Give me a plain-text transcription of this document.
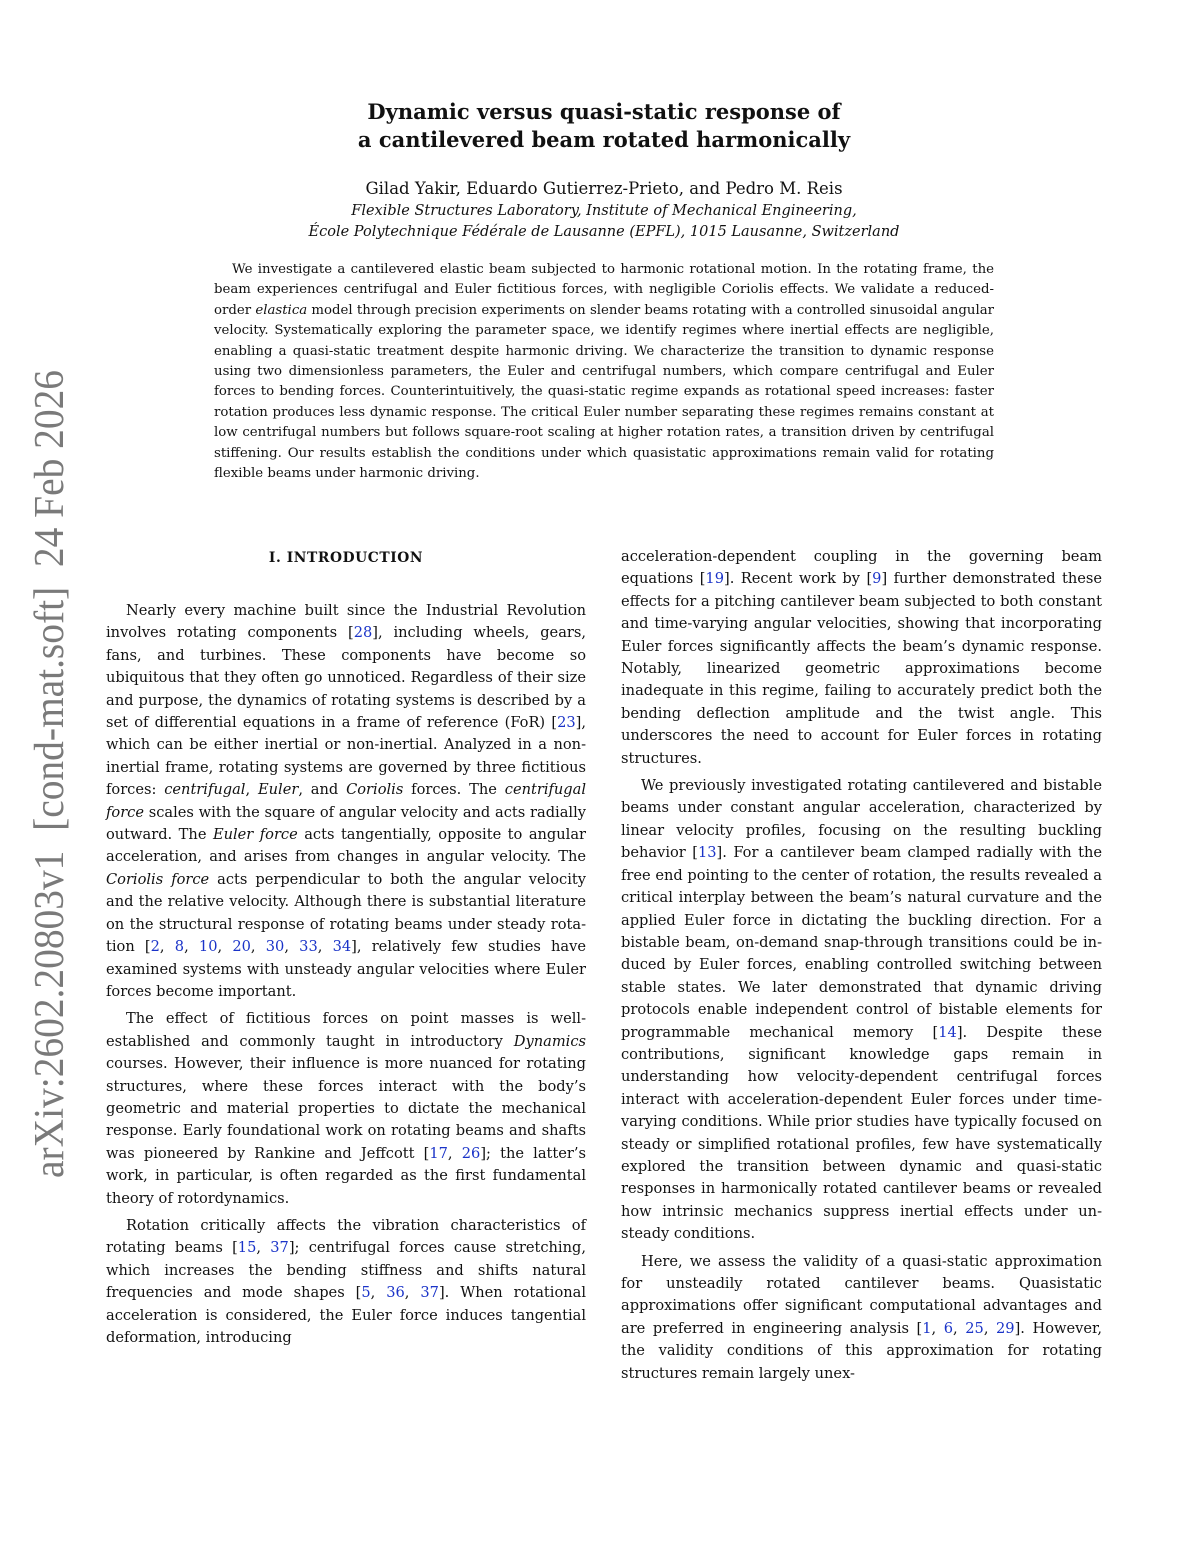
arXiv:2602.20803v1  [cond-mat.soft]  24 Feb 2026
Dynamic versus quasi-static response of
a cantilevered beam rotated harmonically
Gilad Yakir, Eduardo Gutierrez-Prieto, and Pedro M. Reis
Flexible Structures Laboratory, Institute of Mechanical Engineering,
École Polytechnique Fédérale de Lausanne (EPFL), 1015 Lausanne, Switzerland

We investigate a cantilevered elastic beam subjected to harmonic rotational motion. In the rotating frame, the beam experiences centrifugal and Euler fictitious forces, with negligible Coriolis effects. We validate a reduced-order elastica model through precision experiments on slender beams rotating with a controlled sinusoidal angular velocity. Systematically exploring the parameter space, we identify regimes where inertial effects are negligible, enabling a quasi-static treatment despite harmonic driving. We characterize the transition to dynamic response using two dimensionless parameters, the Euler and centrifugal numbers, which compare centrifugal and Euler forces to bending forces. Counterintuitively, the quasi-static regime expands as rotational speed increases: faster rotation produces less dynamic response. The critical Euler number separating these regimes remains constant at low centrifugal numbers but follows square-root scaling at higher rotation rates, a transition driven by centrifugal stiffening. Our results establish the conditions under which quasistatic approximations remain valid for rotating flexible beams under harmonic driving.

I. INTRODUCTION

Nearly every machine built since the Industrial Revolution involves rotating components [28], including wheels, gears, fans, and turbines. These components have become so ubiquitous that they often go unnoticed. Regardless of their size and purpose, the dynamics of rotating systems is described by a set of differential equations in a frame of reference (FoR) [23], which can be either inertial or non-inertial. Analyzed in a non-inertial frame, rotating systems are governed by three fictitious forces: centrifugal, Euler, and Coriolis forces. The centrifugal force scales with the square of angular velocity and acts radially outward. The Euler force acts tangentially, opposite to angular acceleration, and arises from changes in angular velocity. The Coriolis force acts perpendicular to both the angular velocity and the relative velocity. Although there is substantial literature on the structural response of rotating beams under steady rotation [2, 8, 10, 20, 30, 33, 34], relatively few studies have examined systems with unsteady angular velocities where Euler forces become important.

The effect of fictitious forces on point masses is well-established and commonly taught in introductory Dynamics courses. However, their influence is more nuanced for rotating structures, where these forces interact with the body’s geometric and material properties to dictate the mechanical response. Early foundational work on rotating beams and shafts was pioneered by Rankine and Jeffcott [17, 26]; the latter’s work, in particular, is often regarded as the first fundamental theory of rotordynamics.

Rotation critically affects the vibration characteristics of rotating beams [15, 37]; centrifugal forces cause stretching, which increases the bending stiffness and shifts natural frequencies and mode shapes [5, 36, 37]. When rotational acceleration is considered, the Euler force induces tangential deformation, introducing

acceleration-dependent coupling in the governing beam equations [19]. Recent work by [9] further demonstrated these effects for a pitching cantilever beam subjected to both constant and time-varying angular velocities, showing that incorporating Euler forces significantly affects the beam’s dynamic response. Notably, linearized geometric approximations become inadequate in this regime, failing to accurately predict both the bending deflection amplitude and the twist angle. This underscores the need to account for Euler forces in rotating structures.

We previously investigated rotating cantilevered and bistable beams under constant angular acceleration, characterized by linear velocity profiles, focusing on the resulting buckling behavior [13]. For a cantilever beam clamped radially with the free end pointing to the center of rotation, the results revealed a critical interplay between the beam’s natural curvature and the applied Euler force in dictating the buckling direction. For a bistable beam, on-demand snap-through transitions could be induced by Euler forces, enabling controlled switching between stable states. We later demonstrated that dynamic driving protocols enable independent control of bistable elements for programmable mechanical memory [14]. Despite these contributions, significant knowledge gaps remain in understanding how velocity-dependent centrifugal forces interact with acceleration-dependent Euler forces under time-varying conditions. While prior studies have typically focused on steady or simplified rotational profiles, few have systematically explored the transition between dynamic and quasi-static responses in harmonically rotated cantilever beams or revealed how intrinsic mechanics suppress inertial effects under unsteady conditions.

Here, we assess the validity of a quasi-static approximation for unsteadily rotated cantilever beams. Quasistatic approximations offer significant computational advantages and are preferred in engineering analysis [1, 6, 25, 29]. However, the validity conditions of this approximation for rotating structures remain largely unex-
